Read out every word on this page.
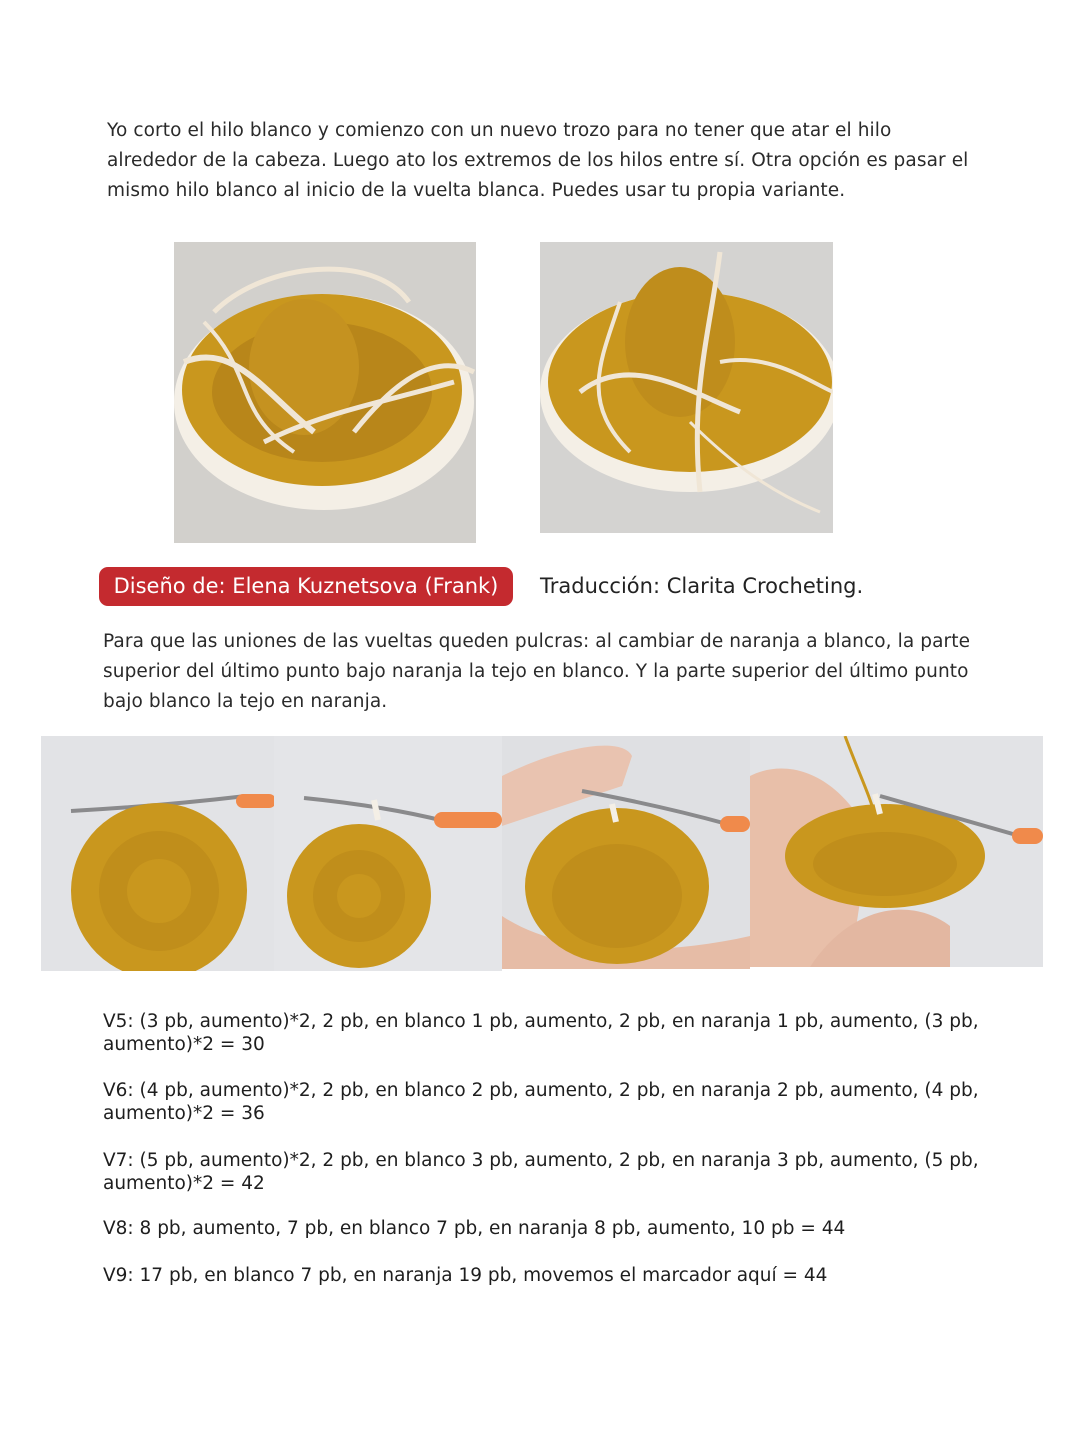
Yo corto el hilo blanco y comienzo con un nuevo trozo para no tener que atar el hilo alrededor de la cabeza. Luego ato los extremos de los hilos entre sí. Otra opción es pasar el mismo hilo blanco al inicio de la vuelta blanca. Puedes usar tu propia variante.
Diseño de: Elena Kuznetsova (Frank)	Traducción: Clarita Crocheting.
Para que las uniones de las vueltas queden pulcras: al cambiar de naranja a blanco, la parte superior del último punto bajo naranja la tejo en blanco. Y la parte superior del último punto bajo blanco la tejo en naranja.
V5: (3 pb, aumento)*2, 2 pb, en blanco 1 pb, aumento, 2 pb, en naranja 1 pb, aumento, (3 pb, aumento)*2 = 30
V6: (4 pb, aumento)*2, 2 pb, en blanco 2 pb, aumento, 2 pb, en naranja 2 pb, aumento, (4 pb, aumento)*2 = 36
V7: (5 pb, aumento)*2, 2 pb, en blanco 3 pb, aumento, 2 pb, en naranja 3 pb, aumento, (5 pb, aumento)*2 = 42
V8: 8 pb, aumento, 7 pb, en blanco 7 pb, en naranja 8 pb, aumento, 10 pb = 44
V9: 17 pb, en blanco 7 pb, en naranja 19 pb, movemos el marcador aquí = 44
